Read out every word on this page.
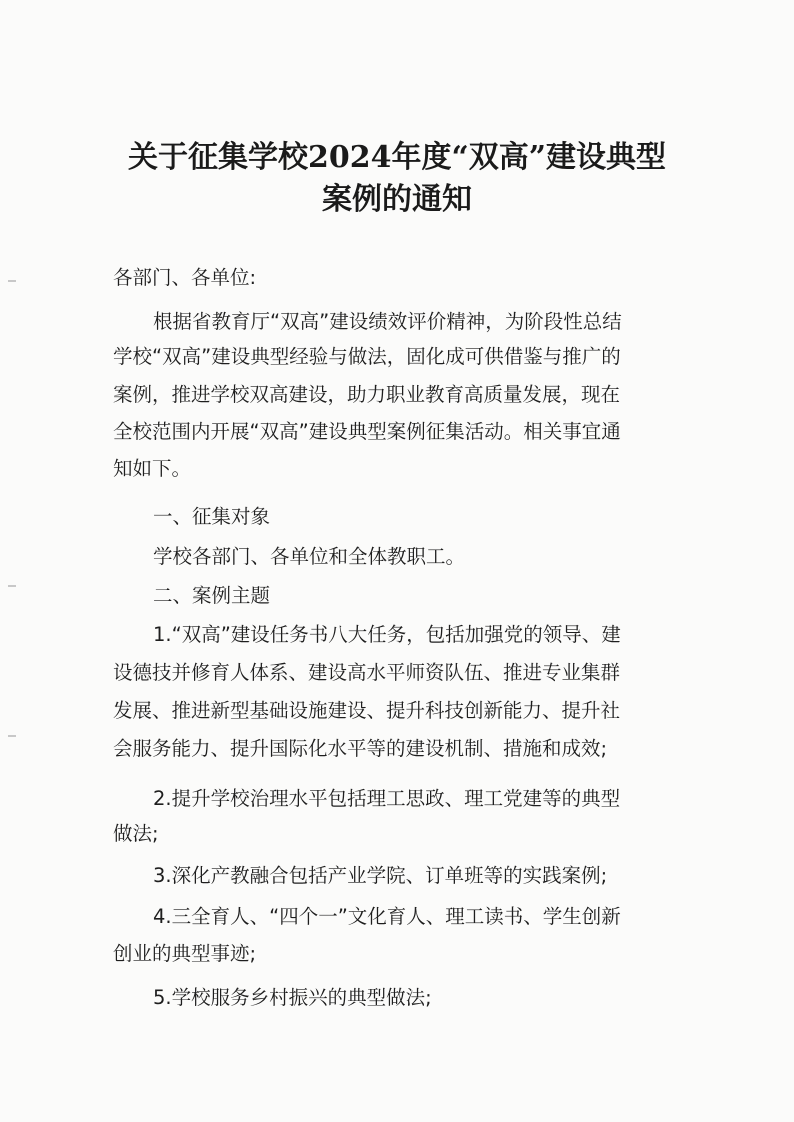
关于征集学校2024年度“双高”建设典型
案例的通知

各部门、各单位:

根据省教育厅“双高”建设绩效评价精神，为阶段性总结

学校“双高”建设典型经验与做法，固化成可供借鉴与推广的

案例，推进学校双高建设，助力职业教育高质量发展，现在

全校范围内开展“双高”建设典型案例征集活动。相关事宜通

知如下。

一、征集对象

学校各部门、各单位和全体教职工。

二、案例主题

1.“双高”建设任务书八大任务，包括加强党的领导、建

设德技并修育人体系、建设高水平师资队伍、推进专业集群

发展、推进新型基础设施建设、提升科技创新能力、提升社

会服务能力、提升国际化水平等的建设机制、措施和成效;

2.提升学校治理水平包括理工思政、理工党建等的典型

做法;

3.深化产教融合包括产业学院、订单班等的实践案例;

4.三全育人、“四个一”文化育人、理工读书、学生创新

创业的典型事迹;

5.学校服务乡村振兴的典型做法;
